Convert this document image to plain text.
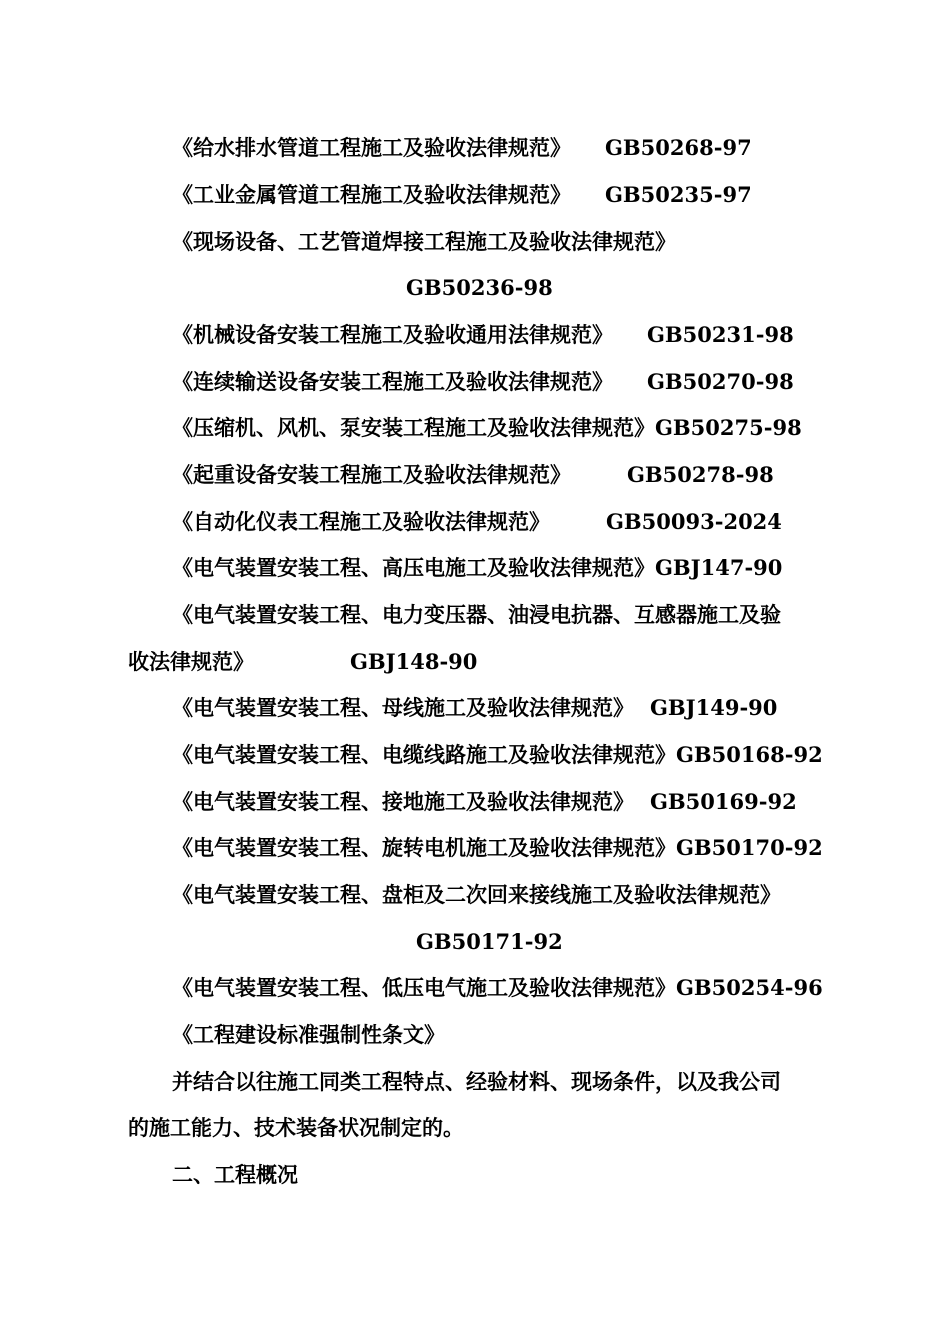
《给水排水管道工程施工及验收法律规范》 GB50268-97
《工业金属管道工程施工及验收法律规范》 GB50235-97
《现场设备、工艺管道焊接工程施工及验收法律规范》
GB50236-98
《机械设备安装工程施工及验收通用法律规范》 GB50231-98
《连续输送设备安装工程施工及验收法律规范》 GB50270-98
《压缩机、风机、泵安装工程施工及验收法律规范》GB50275-98
《起重设备安装工程施工及验收法律规范》	GB50278-98
《自动化仪表工程施工及验收法律规范》	GB50093-2024
《电气装置安装工程、高压电施工及验收法律规范》GBJ147-90
《电气装置安装工程、电力变压器、油浸电抗器、互感器施工及验
收法律规范》	GBJ148-90
《电气装置安装工程、母线施工及验收法律规范》 GBJ149-90
《电气装置安装工程、电缆线路施工及验收法律规范》GB50168-92
《电气装置安装工程、接地施工及验收法律规范》 GB50169-92
《电气装置安装工程、旋转电机施工及验收法律规范》GB50170-92
《电气装置安装工程、盘柜及二次回来接线施工及验收法律规范》
GB50171-92
《电气装置安装工程、低压电气施工及验收法律规范》GB50254-96
《工程建设标准强制性条文》
并结合以往施工同类工程特点、经验材料、现场条件，以及我公司
的施工能力、技术装备状况制定的。
二、工程概况
